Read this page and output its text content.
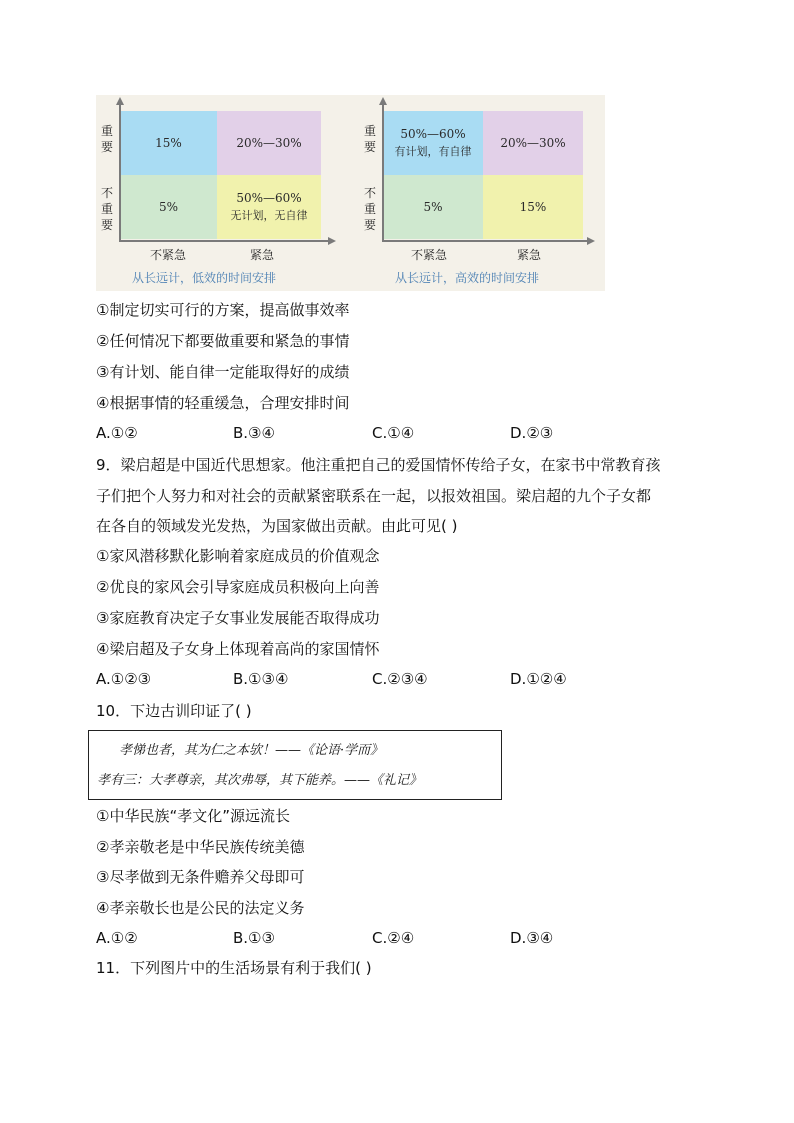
重要
不重要
15%	20%—30%
5%
50%—60%
无计划，无自律
不紧急	紧急
从长远计，低效的时间安排
重要
不重要
50%—60%
有计划，有自律
20%—30%
5%	15%
不紧急	紧急
从长远计，高效的时间安排
①制定切实可行的方案，提高做事效率
②任何情况下都要做重要和紧急的事情
③有计划、能自律一定能取得好的成绩
④根据事情的轻重缓急，合理安排时间
A.①②	B.③④	C.①④	D.②③
9．梁启超是中国近代思想家。他注重把自己的爱国情怀传给子女，在家书中常教育孩
子们把个人努力和对社会的贡献紧密联系在一起，以报效祖国。梁启超的九个子女都
在各自的领域发光发热，为国家做出贡献。由此可见( )
①家风潜移默化影响着家庭成员的价值观念
②优良的家风会引导家庭成员积极向上向善
③家庭教育决定子女事业发展能否取得成功
④梁启超及子女身上体现着高尚的家国情怀
A.①②③	B.①③④	C.②③④	D.①②④
10．下边古训印证了( )
孝悌也者，其为仁之本欤！——《论语·学而》
孝有三：大孝尊亲，其次弗辱，其下能养。——《礼记》
①中华民族“孝文化”源远流长
②孝亲敬老是中华民族传统美德
③尽孝做到无条件赡养父母即可
④孝亲敬长也是公民的法定义务
A.①②	B.①③	C.②④	D.③④
11．下列图片中的生活场景有利于我们( )
